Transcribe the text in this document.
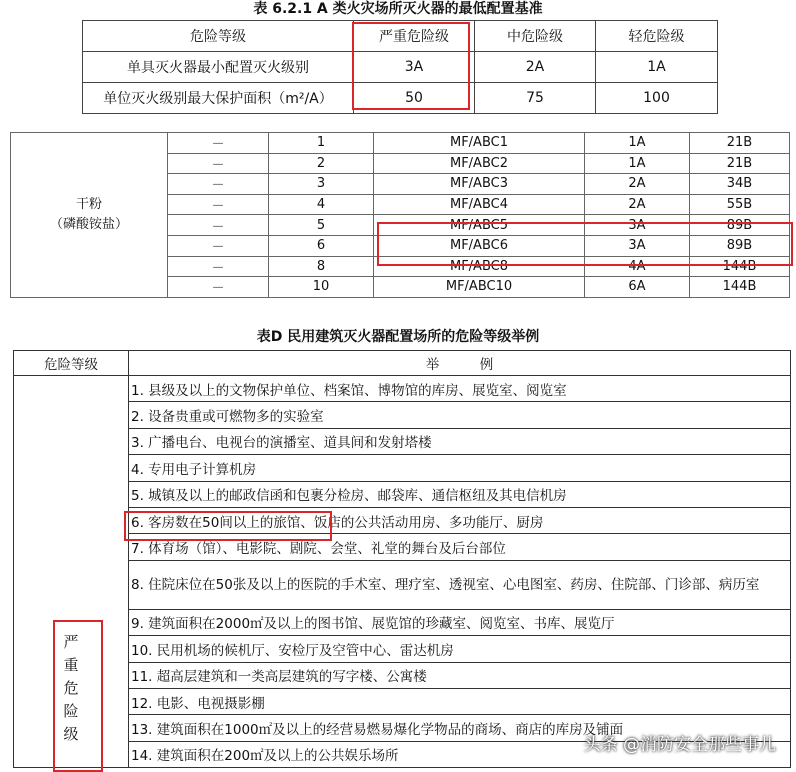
表 6.2.1 A 类火灾场所灭火器的最低配置基准
危险等级	严重危险级	中危险级	轻危险级
单具灭火器最小配置灭火级别	3A	2A	1A
单位灭火级别最大保护面积（m²/A）	50	75	100
干粉
（磷酸铵盐）	－	1	MF/ABC1	1A	21B
	－	2	MF/ABC2	1A	21B
	－	3	MF/ABC3	2A	34B
	－	4	MF/ABC4	2A	55B
	－	5	MF/ABC5	3A	89B
	－	6	MF/ABC6	3A	89B
	－	8	MF/ABC8	4A	144B
	－	10	MF/ABC10	6A	144B
表D 民用建筑灭火器配置场所的危险等级举例
危险等级	举　　　例
严重危险级	1. 县级及以上的文物保护单位、档案馆、博物馆的库房、展览室、阅览室
	2. 设备贵重或可燃物多的实验室
	3. 广播电台、电视台的演播室、道具间和发射塔楼
	4. 专用电子计算机房
	5. 城镇及以上的邮政信函和包裹分检房、邮袋库、通信枢纽及其电信机房
	6. 客房数在50间以上的旅馆、饭店的公共活动用房、多功能厅、厨房
	7. 体育场（馆）、电影院、剧院、会堂、礼堂的舞台及后台部位
	8. 住院床位在50张及以上的医院的手术室、理疗室、透视室、心电图室、药房、住院部、门诊部、病历室
	9. 建筑面积在2000㎡及以上的图书馆、展览馆的珍藏室、阅览室、书库、展览厅
	10. 民用机场的候机厅、安检厅及空管中心、雷达机房
	11. 超高层建筑和一类高层建筑的写字楼、公寓楼
	12. 电影、电视摄影棚
	13. 建筑面积在1000㎡及以上的经营易燃易爆化学物品的商场、商店的库房及铺面
	14. 建筑面积在200㎡及以上的公共娱乐场所
头条 @消防安全那些事儿
